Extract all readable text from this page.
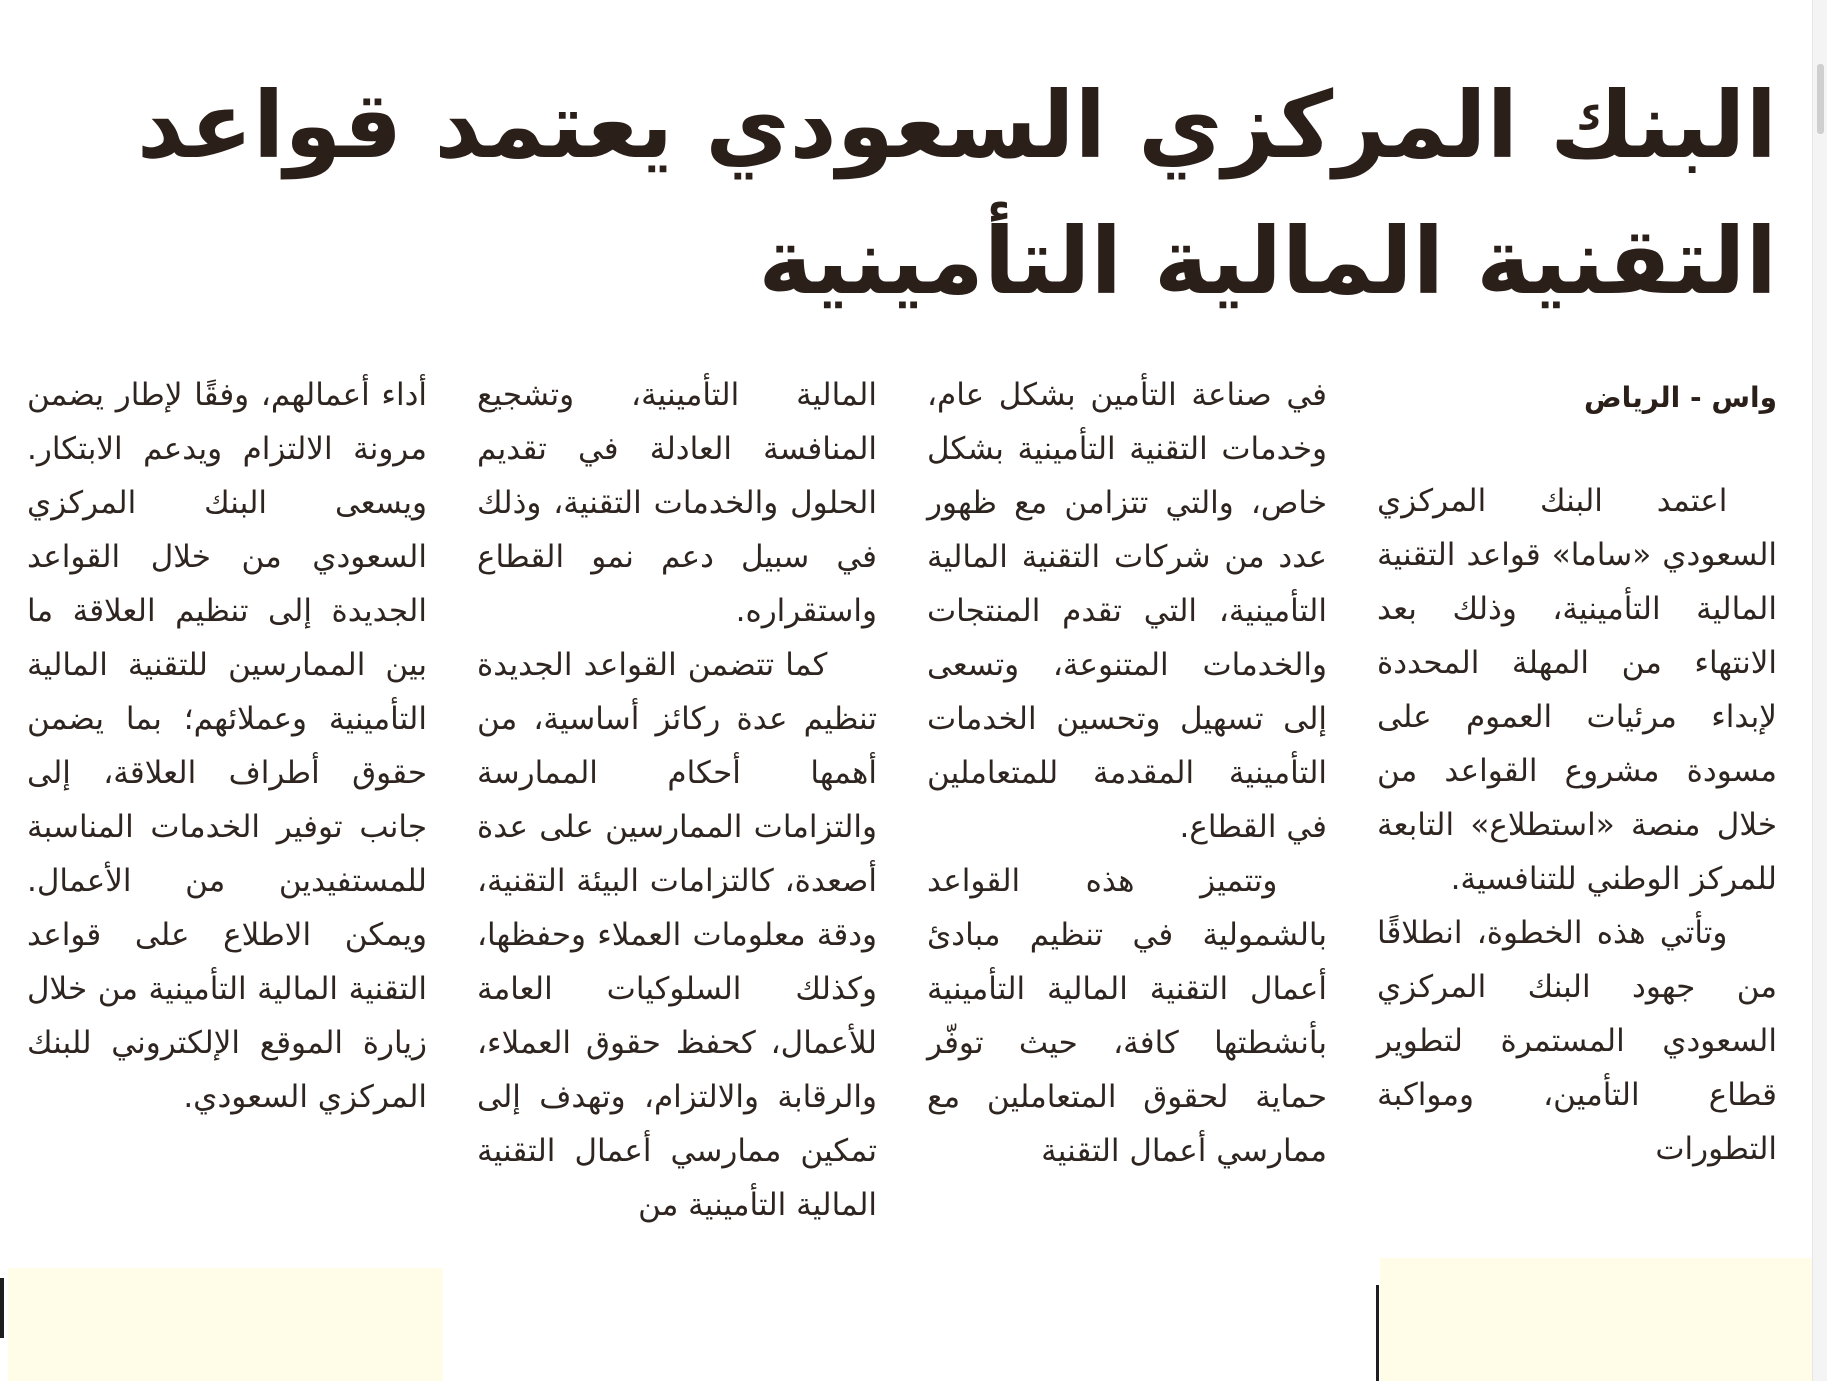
البنك المركزي السعودي يعتمد قواعد
التقنية المالية التأمينية
واس - الرياض

اعتمد البنك المركزي السعودي «ساما» قواعد التقنية المالية التأمينية، وذلك بعد الانتهاء من المهلة المحددة لإبداء مرئيات العموم على مسودة مشروع القواعد من خلال منصة «استطلاع» التابعة للمركز الوطني للتنافسية.

وتأتي هذه الخطوة، انطلاقًا من جهود البنك المركزي السعودي المستمرة لتطوير قطاع التأمين، ومواكبة التطورات

في صناعة التأمين بشكل عام، وخدمات التقنية التأمينية بشكل خاص، والتي تتزامن مع ظهور عدد من شركات التقنية المالية التأمينية، التي تقدم المنتجات والخدمات المتنوعة، وتسعى إلى تسهيل وتحسين الخدمات التأمينية المقدمة للمتعاملين في القطاع.

وتتميز هذه القواعد بالشمولية في تنظيم مبادئ أعمال التقنية المالية التأمينية بأنشطتها كافة، حيث توفّر حماية لحقوق المتعاملين مع ممارسي أعمال التقنية

المالية التأمينية، وتشجيع المنافسة العادلة في تقديم الحلول والخدمات التقنية، وذلك في سبيل دعم نمو القطاع واستقراره.

كما تتضمن القواعد الجديدة تنظيم عدة ركائز أساسية، من أهمها أحكام الممارسة والتزامات الممارسين على عدة أصعدة، كالتزامات البيئة التقنية، ودقة معلومات العملاء وحفظها، وكذلك السلوكيات العامة للأعمال، كحفظ حقوق العملاء، والرقابة والالتزام، وتهدف إلى تمكين ممارسي أعمال التقنية المالية التأمينية من

أداء أعمالهم، وفقًا لإطار يضمن مرونة الالتزام ويدعم الابتكار. ويسعى البنك المركزي السعودي من خلال القواعد الجديدة إلى تنظيم العلاقة ما بين الممارسين للتقنية المالية التأمينية وعملائهم؛ بما يضمن حقوق أطراف العلاقة، إلى جانب توفير الخدمات المناسبة للمستفيدين من الأعمال. ويمكن الاطلاع على قواعد التقنية المالية التأمينية من خلال زيارة الموقع الإلكتروني للبنك المركزي السعودي.
